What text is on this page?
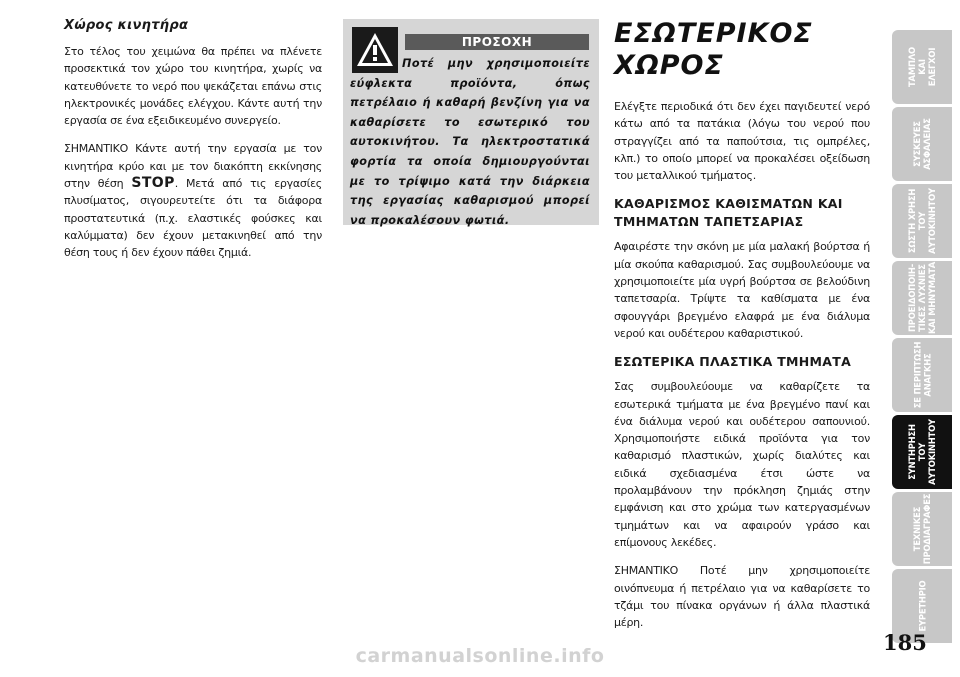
Χώρος κινητήρα

Στο τέλος του χειμώνα θα πρέπει να πλένετε προσεκτικά τον χώρο του κινητήρα, χωρίς να κατευθύνετε το νερό που ψεκάζεται επάνω στις ηλεκτρονικές μονάδες ελέγχου. Κάντε αυτή την εργασία σε ένα εξειδικευμένο συνεργείο.

ΣΗΜΑΝΤΙΚΟ Κάντε αυτή την εργασία με τον κινητήρα κρύο και με τον διακόπτη εκκίνησης στην θέση STOP. Μετά από τις εργασίες πλυσίματος, σιγουρευτείτε ότι τα διάφορα προστατευτικά (π.χ. ελαστικές φούσκες και καλύμματα) δεν έχουν μετακινηθεί από την θέση τους ή δεν έχουν πάθει ζημιά.

ΠΡΟΣΟΧΗ
Ποτέ μην χρησιμοποιείτε εύφλεκτα προϊόντα, όπως πετρέλαιο ή καθαρή βενζίνη για να καθαρίσετε το εσωτερικό του αυτοκινήτου. Τα ηλεκτροστατικά φορτία τα οποία δημιουργούνται με το τρίψιμο κατά την διάρκεια της εργασίας καθαρισμού μπορεί να προκαλέσουν φωτιά.
ΕΣΩΤΕΡΙΚΟΣ
ΧΩΡΟΣ

Ελέγξτε περιοδικά ότι δεν έχει παγιδευτεί νερό κάτω από τα πατάκια (λόγω του νερού που στραγγίζει από τα παπούτσια, τις ομπρέλες, κλπ.) το οποίο μπορεί να προκαλέσει οξείδωση του μεταλλικού τμήματος.

ΚΑΘΑΡΙΣΜΟΣ ΚΑΘΙΣΜΑΤΩΝ ΚΑΙ ΤΜΗΜΑΤΩΝ ΤΑΠΕΤΣΑΡΙΑΣ

Αφαιρέστε την σκόνη με μία μαλακή βούρτσα ή μία σκούπα καθαρισμού. Σας συμβουλεύουμε να χρησιμοποιείτε μία υγρή βούρτσα σε βελούδινη ταπετσαρία. Τρίψτε τα καθίσματα με ένα σφουγγάρι βρεγμένο ελαφρά με ένα διάλυμα νερού και ουδέτερου καθαριστικού.

ΕΣΩΤΕΡΙΚΑ ΠΛΑΣΤΙΚΑ ΤΜΗΜΑΤΑ

Σας συμβουλεύουμε να καθαρίζετε τα εσωτερικά τμήματα με ένα βρεγμένο πανί και ένα διάλυμα νερού και ουδέτερου σαπουνιού. Χρησιμοποιήστε ειδικά προϊόντα για τον καθαρισμό πλαστικών, χωρίς διαλύτες και ειδικά σχεδιασμένα έτσι ώστε να προλαμβάνουν την πρόκληση ζημιάς στην εμφάνιση και στο χρώμα των κατεργασμένων τμημάτων και να αφαιρούν γράσο και επίμονους λεκέδες.

ΣΗΜΑΝΤΙΚΟ Ποτέ μην χρησιμοποιείτε οινόπνευμα ή πετρέλαιο για να καθαρίσετε το τζάμι του πίνακα οργάνων ή άλλα πλαστικά μέρη.

ΤΑΜΠΛΟ ΚΑΙ ΕΛΕΓΧΟΙ
ΣΥΣΚΕΥΕΣ ΑΣΦΑΛΕΙΑΣ
ΣΩΣΤΗ ΧΡΗΣΗ ΤΟΥ ΑΥΤΟΚΙΝΗΤΟΥ
ΠΡΟΕΙΔΟΠΟΙΗ- ΤΙΚΕΣ ΛΥΧΝΙΕΣ ΚΑΙ ΜΗΝΥΜΑΤΑ
ΣΕ ΠΕΡΙΠΤΩΣΗ ΑΝΑΓΚΗΣ
ΣΥΝΤΗΡΗΣΗ ΤΟΥ ΑΥΤΟΚΙΝΗΤΟΥ
ΤΕΧΝΙΚΕΣ ΠΡΟΔΙΑΓΡΑΦΕΣ
ΕΥΡΕΤΗΡΙΟ
185
carmanualsonline.info
